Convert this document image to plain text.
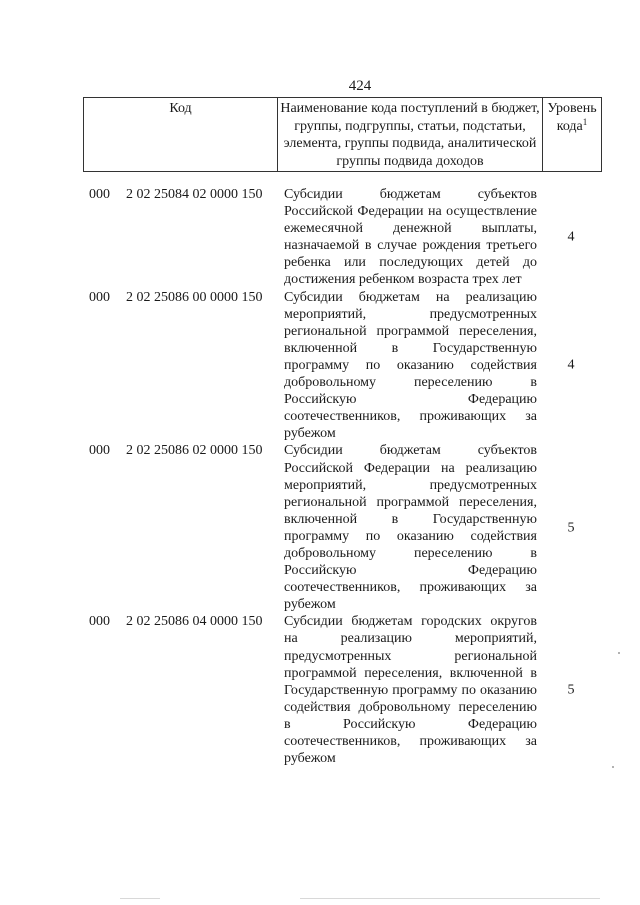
424
Код	Наименование кода поступлений в бюджет, группы, подгруппы, статьи, подстатьи, элемента, группы подвида, аналитической группы подвида доходов	Уровень кода$^1$
000 2 02 25084 02 0000 150 Субсидии бюджетам субъектов Российской Федерации на осуществление ежемесячной денежной выплаты, назначаемой в случае рождения третьего ребенка или последующих детей до достижения ребенком возраста трех лет
4
000 2 02 25086 00 0000 150 Субсидии бюджетам на реализацию мероприятий, предусмотренных региональной программой переселения, включенной в Государственную программу по оказанию содействия добровольному переселению в Российскую Федерацию соотечественников, проживающих за рубежом
4
000 2 02 25086 02 0000 150 Субсидии бюджетам субъектов Российской Федерации на реализацию мероприятий, предусмотренных региональной программой переселения, включенной в Государственную программу по оказанию содействия добровольному переселению в Российскую Федерацию соотечественников, проживающих за рубежом
5
000 2 02 25086 04 0000 150 Субсидии бюджетам городских округов на реализацию мероприятий, предусмотренных региональной программой переселения, включенной в Государственную программу по оказанию содействия добровольному переселению в Российскую Федерацию соотечественников, проживающих за рубежом
5
